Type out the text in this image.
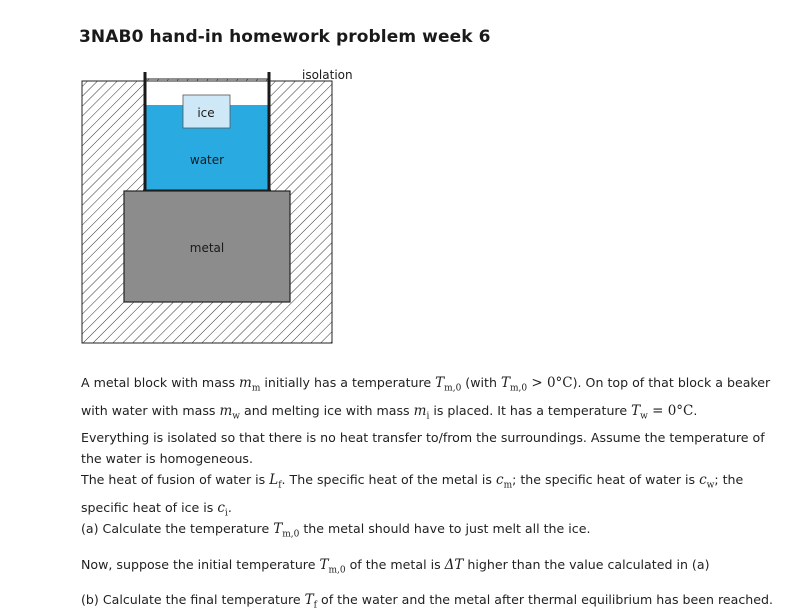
3NAB0 hand-in homework problem week 6
ice
water
metal
isolation

A metal block with mass $m_m$ initially has a temperature $T_{m,0}$ (with $T_{m,0} > 0^\circ C$). On top of that block a beaker with water with mass $m_w$ and melting ice with mass $m_i$ is placed. It has a temperature $T_w = 0^\circ C$.

Everything is isolated so that there is no heat transfer to/from the surroundings. Assume the temperature of the water is homogeneous.

The heat of fusion of water is $L_f$. The specific heat of the metal is $c_m$; the specific heat of water is $c_w$; the specific heat of ice is $c_i$.

(a) Calculate the temperature $T_{m,0}$ the metal should have to just melt all the ice.
Now, suppose the initial temperature $T_{m,0}$ of the metal is ΔT higher than the value calculated in (a)
(b) Calculate the final temperature $T_f$ of the water and the metal after thermal equilibrium has been reached.
